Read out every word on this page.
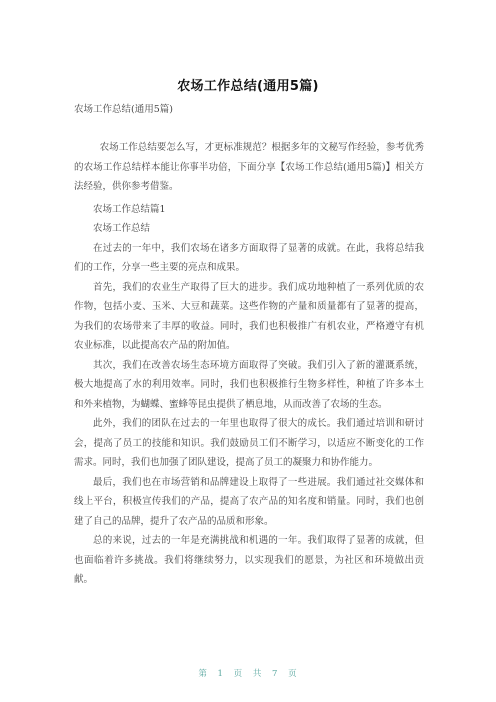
农场工作总结(通用5篇)
农场工作总结(通用5篇)

农场工作总结要怎么写，才更标准规范？根据多年的文秘写作经验，参考优秀的农场工作总结样本能让你事半功倍，下面分享【农场工作总结(通用5篇)】相关方法经验，供你参考借鉴。

农场工作总结篇1

农场工作总结

在过去的一年中，我们农场在诸多方面取得了显著的成就。在此，我将总结我们的工作，分享一些主要的亮点和成果。

首先，我们的农业生产取得了巨大的进步。我们成功地种植了一系列优质的农作物，包括小麦、玉米、大豆和蔬菜。这些作物的产量和质量都有了显著的提高，为我们的农场带来了丰厚的收益。同时，我们也积极推广有机农业，严格遵守有机农业标准，以此提高农产品的附加值。

其次，我们在改善农场生态环境方面取得了突破。我们引入了新的灌溉系统，极大地提高了水的利用效率。同时，我们也积极推行生物多样性，种植了许多本土和外来植物，为蝴蝶、蜜蜂等昆虫提供了栖息地，从而改善了农场的生态。

此外，我们的团队在过去的一年里也取得了很大的成长。我们通过培训和研讨会，提高了员工的技能和知识。我们鼓励员工们不断学习，以适应不断变化的工作需求。同时，我们也加强了团队建设，提高了员工的凝聚力和协作能力。

最后，我们也在市场营销和品牌建设上取得了一些进展。我们通过社交媒体和线上平台，积极宣传我们的产品，提高了农产品的知名度和销量。同时，我们也创建了自己的品牌，提升了农产品的品质和形象。

总的来说，过去的一年是充满挑战和机遇的一年。我们取得了显著的成就，但也面临着许多挑战。我们将继续努力，以实现我们的愿景，为社区和环境做出贡献。

第 1 页 共 7 页
